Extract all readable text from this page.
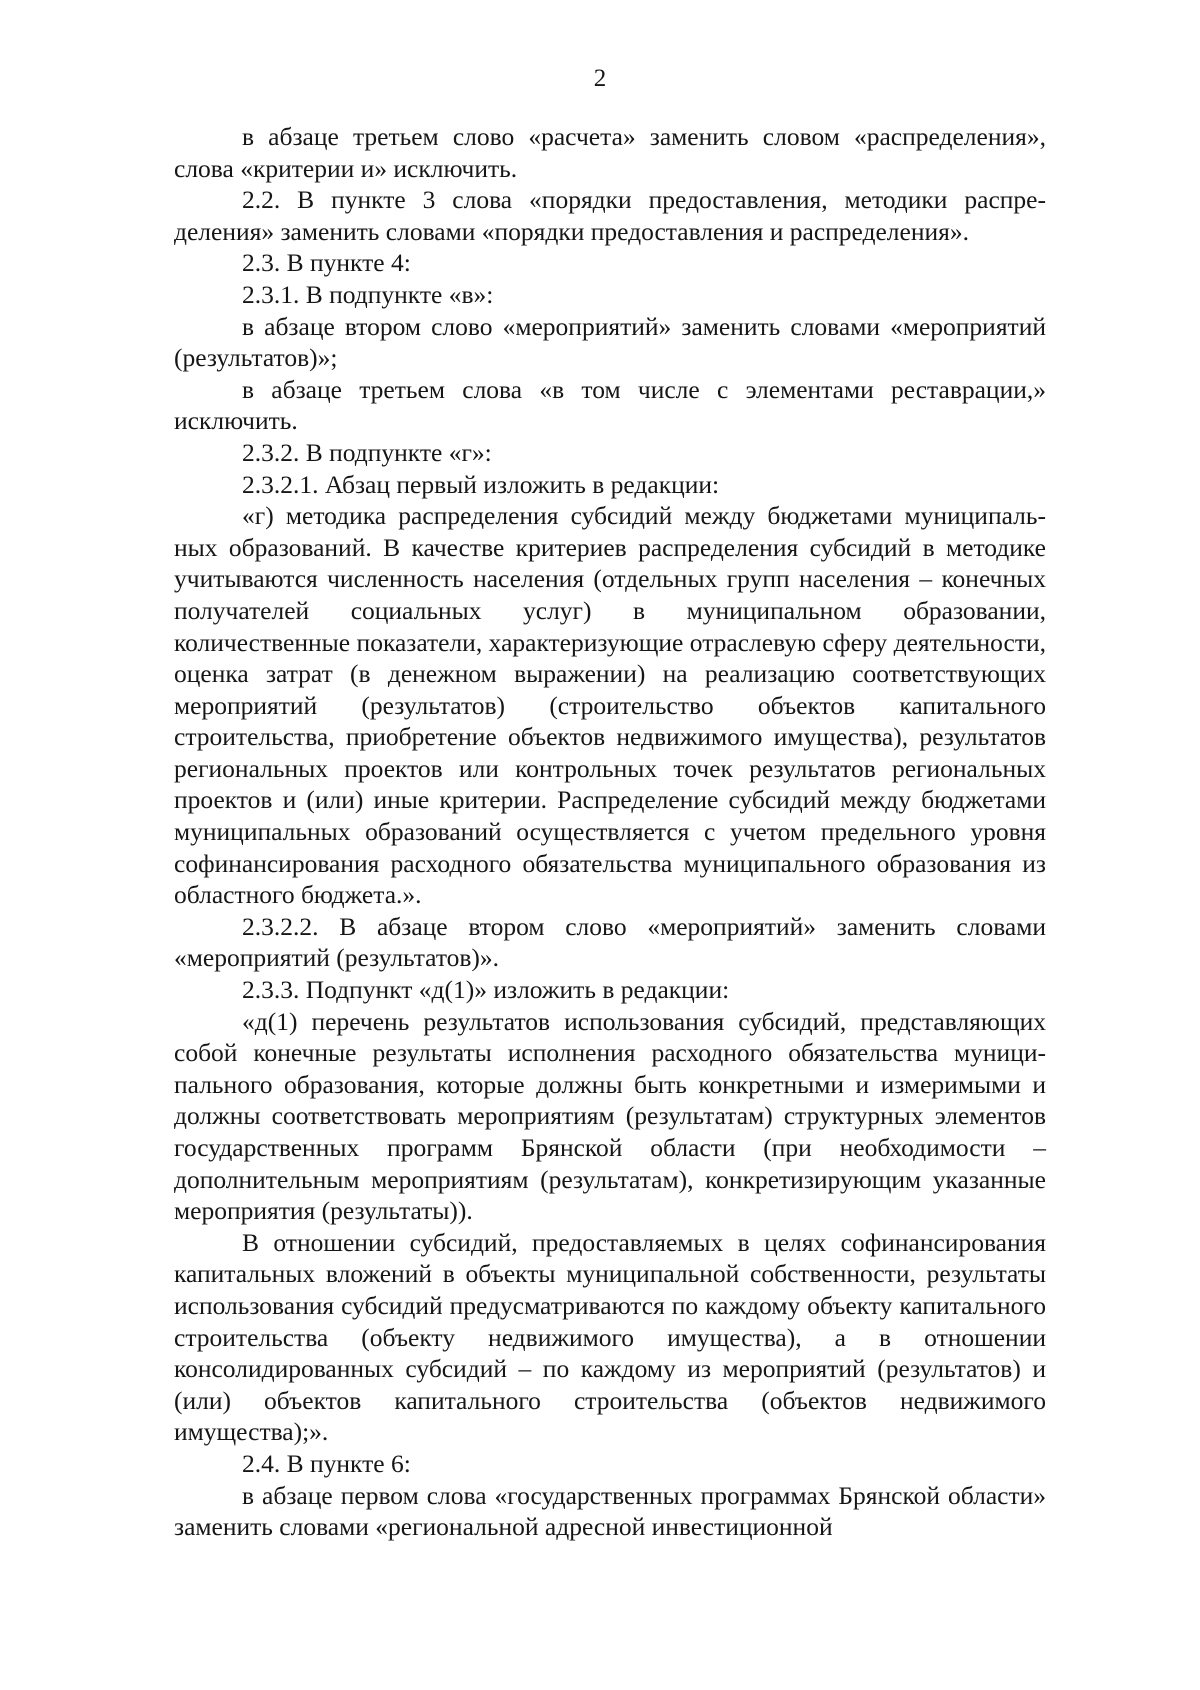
2

в абзаце третьем слово «расчета» заменить словом «распределения», слова «критерии и» исключить.

2.2. В пункте 3 слова «порядки предоставления, методики распределения» заменить словами «порядки предоставления и распределения».

2.3. В пункте 4:

2.3.1. В подпункте «в»:

в абзаце втором слово «мероприятий» заменить словами «мероприятий (результатов)»;

в абзаце третьем слова «в том числе с элементами реставрации,» исключить.

2.3.2. В подпункте «г»:

2.3.2.1. Абзац первый изложить в редакции:

«г) методика распределения субсидий между бюджетами муниципальных образований. В качестве критериев распределения субсидий в методике учитываются численность населения (отдельных групп населения – конечных получателей социальных услуг) в муниципальном образовании, количественные показатели, характеризующие отраслевую сферу деятельности, оценка затрат (в денежном выражении) на реализацию соответствующих мероприятий (результатов) (строительство объектов капитального строительства, приобретение объектов недвижимого имущества), результатов региональных проектов или контрольных точек результатов региональных проектов и (или) иные критерии. Распределение субсидий между бюджетами муниципальных образований осуществляется с учетом предельного уровня софинансирования расходного обязательства муниципального образования из областного бюджета.».

2.3.2.2. В абзаце втором слово «мероприятий» заменить словами «мероприятий (результатов)».

2.3.3. Подпункт «д(1)» изложить в редакции:

«д(1) перечень результатов использования субсидий, представляющих собой конечные результаты исполнения расходного обязательства муниципального образования, которые должны быть конкретными и измеримыми и должны соответствовать мероприятиям (результатам) структурных элементов государственных программ Брянской области (при необходимости – дополнительным мероприятиям (результатам), конкретизирующим указанные мероприятия (результаты)).

В отношении субсидий, предоставляемых в целях софинансирования капитальных вложений в объекты муниципальной собственности, результаты использования субсидий предусматриваются по каждому объекту капитального строительства (объекту недвижимого имущества), а в отношении консолидированных субсидий – по каждому из мероприятий (результатов) и (или) объектов капитального строительства (объектов недвижимого имущества);».

2.4. В пункте 6:

в абзаце первом слова «государственных программах Брянской области» заменить словами «региональной адресной инвестиционной
